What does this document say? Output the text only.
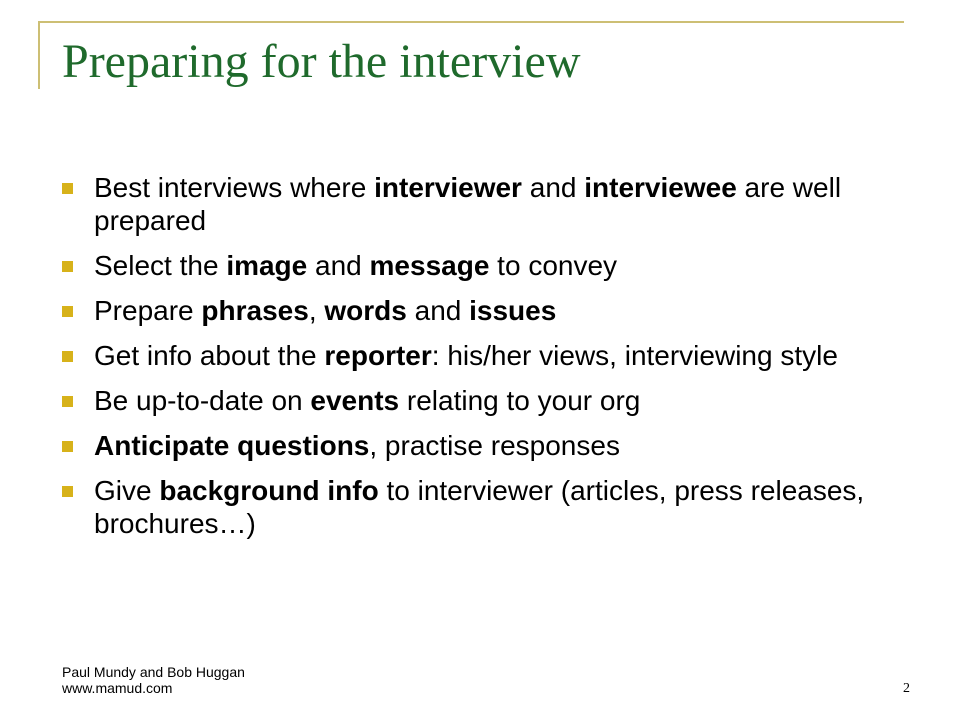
Preparing for the interview
Best interviews where interviewer and interviewee are well prepared
Select the image and message to convey
Prepare phrases, words and issues
Get info about the reporter: his/her views, interviewing style
Be up-to-date on events relating to your org
Anticipate questions, practise responses
Give background info to interviewer (articles, press releases, brochures…)
Paul Mundy and Bob Huggan
www.mamud.com	2
